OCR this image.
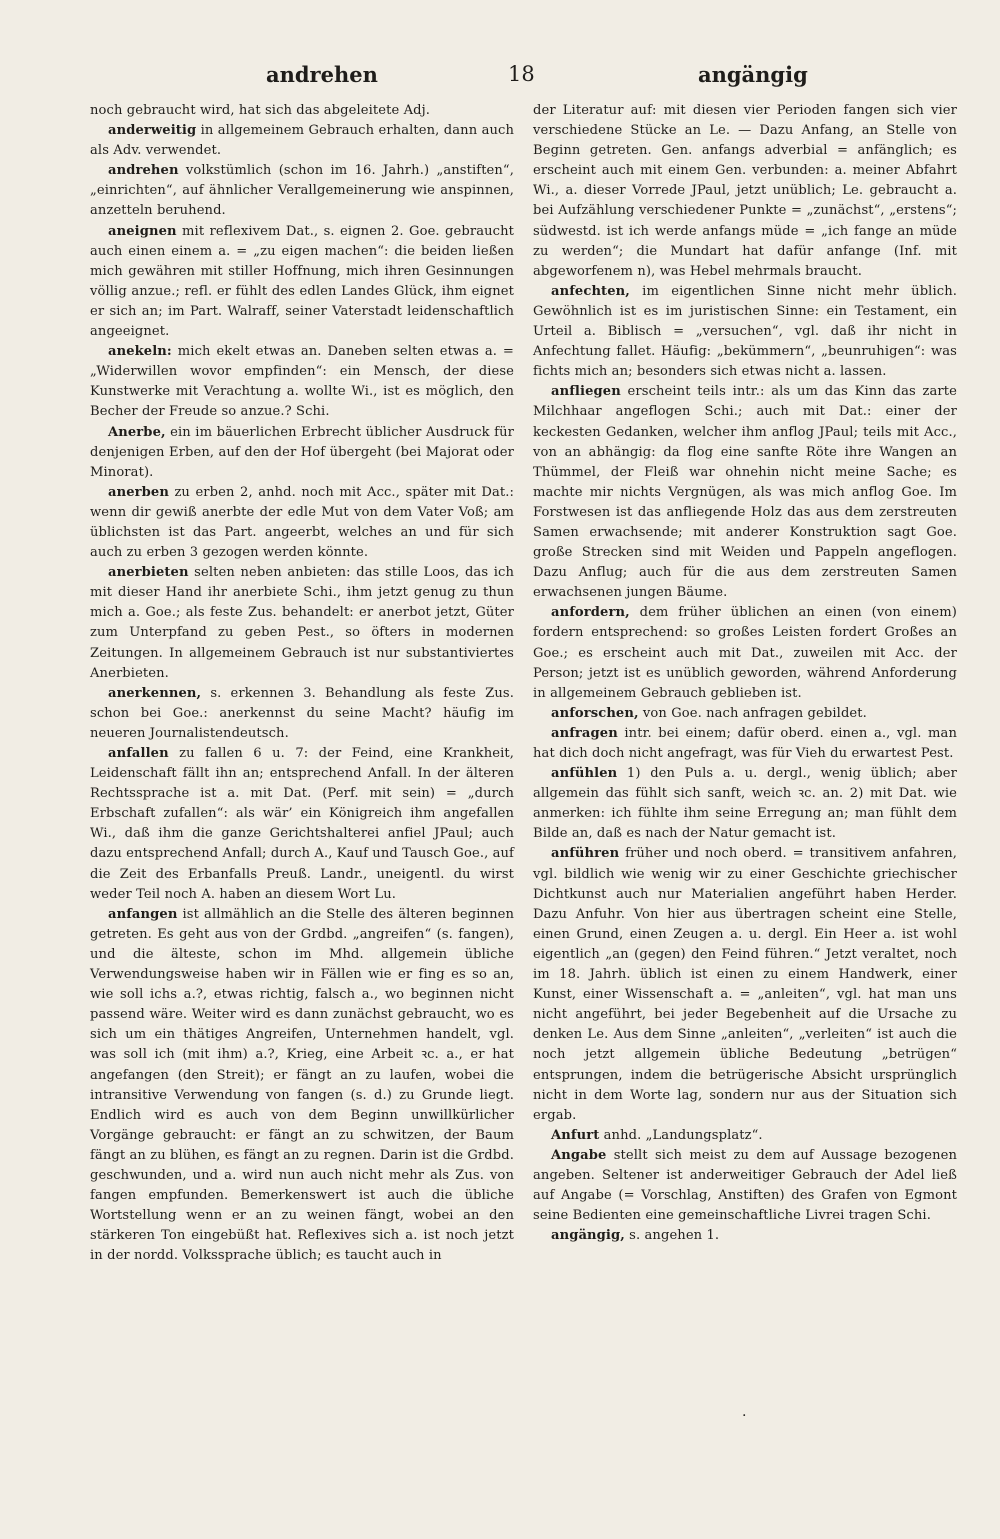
andrehen	18	angängig

noch gebraucht wird, hat sich das abgeleitete Adj.

anderweitig in allgemeinem Gebrauch erhalten, dann auch als Adv. verwendet.

andrehen volkstümlich (schon im 16. Jahrh.) „anstiften“, „einrichten“, auf ähnlicher Verallgemeinerung wie anspinnen, anzetteln beruhend.

aneignen mit reflexivem Dat., s. eignen 2. Goe. gebraucht auch einen einem a. = „zu eigen machen“: die beiden ließen mich gewähren mit stiller Hoffnung, mich ihren Gesinnungen völlig anzue.; refl. er fühlt des edlen Landes Glück, ihm eignet er sich an; im Part. Walraff, seiner Vaterstadt leidenschaftlich angeeignet.

anekeln: mich ekelt etwas an. Daneben selten etwas a. = „Widerwillen wovor empfinden“: ein Mensch, der diese Kunstwerke mit Verachtung a. wollte Wi., ist es möglich, den Becher der Freude so anzue.? Schi.

Anerbe, ein im bäuerlichen Erbrecht üblicher Ausdruck für denjenigen Erben, auf den der Hof übergeht (bei Majorat oder Minorat).

anerben zu erben 2, anhd. noch mit Acc., später mit Dat.: wenn dir gewiß anerbte der edle Mut von dem Vater Voß; am üblichsten ist das Part. angeerbt, welches an und für sich auch zu erben 3 gezogen werden könnte.

anerbieten selten neben anbieten: das stille Loos, das ich mit dieser Hand ihr anerbiete Schi., ihm jetzt genug zu thun mich a. Goe.; als feste Zus. behandelt: er anerbot jetzt, Güter zum Unterpfand zu geben Pest., so öfters in modernen Zeitungen. In allgemeinem Gebrauch ist nur substantiviertes Anerbieten.

anerkennen, s. erkennen 3. Behandlung als feste Zus. schon bei Goe.: anerkennst du seine Macht? häufig im neueren Journalistendeutsch.

anfallen zu fallen 6 u. 7: der Feind, eine Krankheit, Leidenschaft fällt ihn an; entsprechend Anfall. In der älteren Rechtssprache ist a. mit Dat. (Perf. mit sein) = „durch Erbschaft zufallen“: als wär’ ein Königreich ihm angefallen Wi., daß ihm die ganze Gerichtshalterei anfiel JPaul; auch dazu entsprechend Anfall; durch A., Kauf und Tausch Goe., auf die Zeit des Erbanfalls Preuß. Landr., uneigentl. du wirst weder Teil noch A. haben an diesem Wort Lu.

anfangen ist allmählich an die Stelle des älteren beginnen getreten. Es geht aus von der Grdbd. „angreifen“ (s. fangen), und die älteste, schon im Mhd. allgemein übliche Verwendungsweise haben wir in Fällen wie er fing es so an, wie soll ichs a.?, etwas richtig, falsch a., wo beginnen nicht passend wäre. Weiter wird es dann zunächst gebraucht, wo es sich um ein thätiges Angreifen, Unternehmen handelt, vgl. was soll ich (mit ihm) a.?, Krieg, eine Arbeit ꝛc. a., er hat angefangen (den Streit); er fängt an zu laufen, wobei die intransitive Verwendung von fangen (s. d.) zu Grunde liegt. Endlich wird es auch von dem Beginn unwillkürlicher Vorgänge gebraucht: er fängt an zu schwitzen, der Baum fängt an zu blühen, es fängt an zu regnen. Darin ist die Grdbd. geschwunden, und a. wird nun auch nicht mehr als Zus. von fangen empfunden. Bemerkenswert ist auch die übliche Wortstellung wenn er an zu weinen fängt, wobei an den stärkeren Ton eingebüßt hat. Reflexives sich a. ist noch jetzt in der nordd. Volkssprache üblich; es taucht auch in

der Literatur auf: mit diesen vier Perioden fangen sich vier verschiedene Stücke an Le. — Dazu Anfang, an Stelle von Beginn getreten. Gen. anfangs adverbial = anfänglich; es erscheint auch mit einem Gen. verbunden: a. meiner Abfahrt Wi., a. dieser Vorrede JPaul, jetzt unüblich; Le. gebraucht a. bei Aufzählung verschiedener Punkte = „zunächst“, „erstens“; südwestd. ist ich werde anfangs müde = „ich fange an müde zu werden“; die Mundart hat dafür anfange (Inf. mit abgeworfenem n), was Hebel mehrmals braucht.

anfechten, im eigentlichen Sinne nicht mehr üblich. Gewöhnlich ist es im juristischen Sinne: ein Testament, ein Urteil a. Biblisch = „versuchen“, vgl. daß ihr nicht in Anfechtung fallet. Häufig: „bekümmern“, „beunruhigen“: was fichts mich an; besonders sich etwas nicht a. lassen.

anfliegen erscheint teils intr.: als um das Kinn das zarte Milchhaar angeflogen Schi.; auch mit Dat.: einer der keckesten Gedanken, welcher ihm anflog JPaul; teils mit Acc., von an abhängig: da flog eine sanfte Röte ihre Wangen an Thümmel, der Fleiß war ohnehin nicht meine Sache; es machte mir nichts Vergnügen, als was mich anflog Goe. Im Forstwesen ist das anfliegende Holz das aus dem zerstreuten Samen erwachsende; mit anderer Konstruktion sagt Goe. große Strecken sind mit Weiden und Pappeln angeflogen. Dazu Anflug; auch für die aus dem zerstreuten Samen erwachsenen jungen Bäume.

anfordern, dem früher üblichen an einen (von einem) fordern entsprechend: so großes Leisten fordert Großes an Goe.; es erscheint auch mit Dat., zuweilen mit Acc. der Person; jetzt ist es unüblich geworden, während Anforderung in allgemeinem Gebrauch geblieben ist.

anforschen, von Goe. nach anfragen gebildet.

anfragen intr. bei einem; dafür oberd. einen a., vgl. man hat dich doch nicht angefragt, was für Vieh du erwartest Pest.

anfühlen 1) den Puls a. u. dergl., wenig üblich; aber allgemein das fühlt sich sanft, weich ꝛc. an. 2) mit Dat. wie anmerken: ich fühlte ihm seine Erregung an; man fühlt dem Bilde an, daß es nach der Natur gemacht ist.

anführen früher und noch oberd. = transitivem anfahren, vgl. bildlich wie wenig wir zu einer Geschichte griechischer Dichtkunst auch nur Materialien angeführt haben Herder. Dazu Anfuhr. Von hier aus übertragen scheint eine Stelle, einen Grund, einen Zeugen a. u. dergl. Ein Heer a. ist wohl eigentlich „an (gegen) den Feind führen.“ Jetzt veraltet, noch im 18. Jahrh. üblich ist einen zu einem Handwerk, einer Kunst, einer Wissenschaft a. = „anleiten“, vgl. hat man uns nicht angeführt, bei jeder Begebenheit auf die Ursache zu denken Le. Aus dem Sinne „anleiten“, „verleiten“ ist auch die noch jetzt allgemein übliche Bedeutung „betrügen“ entsprungen, indem die betrügerische Absicht ursprünglich nicht in dem Worte lag, sondern nur aus der Situation sich ergab.

Anfurt anhd. „Landungsplatz“.

Angabe stellt sich meist zu dem auf Aussage bezogenen angeben. Seltener ist anderweitiger Gebrauch der Adel ließ auf Angabe (= Vorschlag, Anstiften) des Grafen von Egmont seine Bedienten eine gemeinschaftliche Livrei tragen Schi.

angängig, s. angehen 1.

.
